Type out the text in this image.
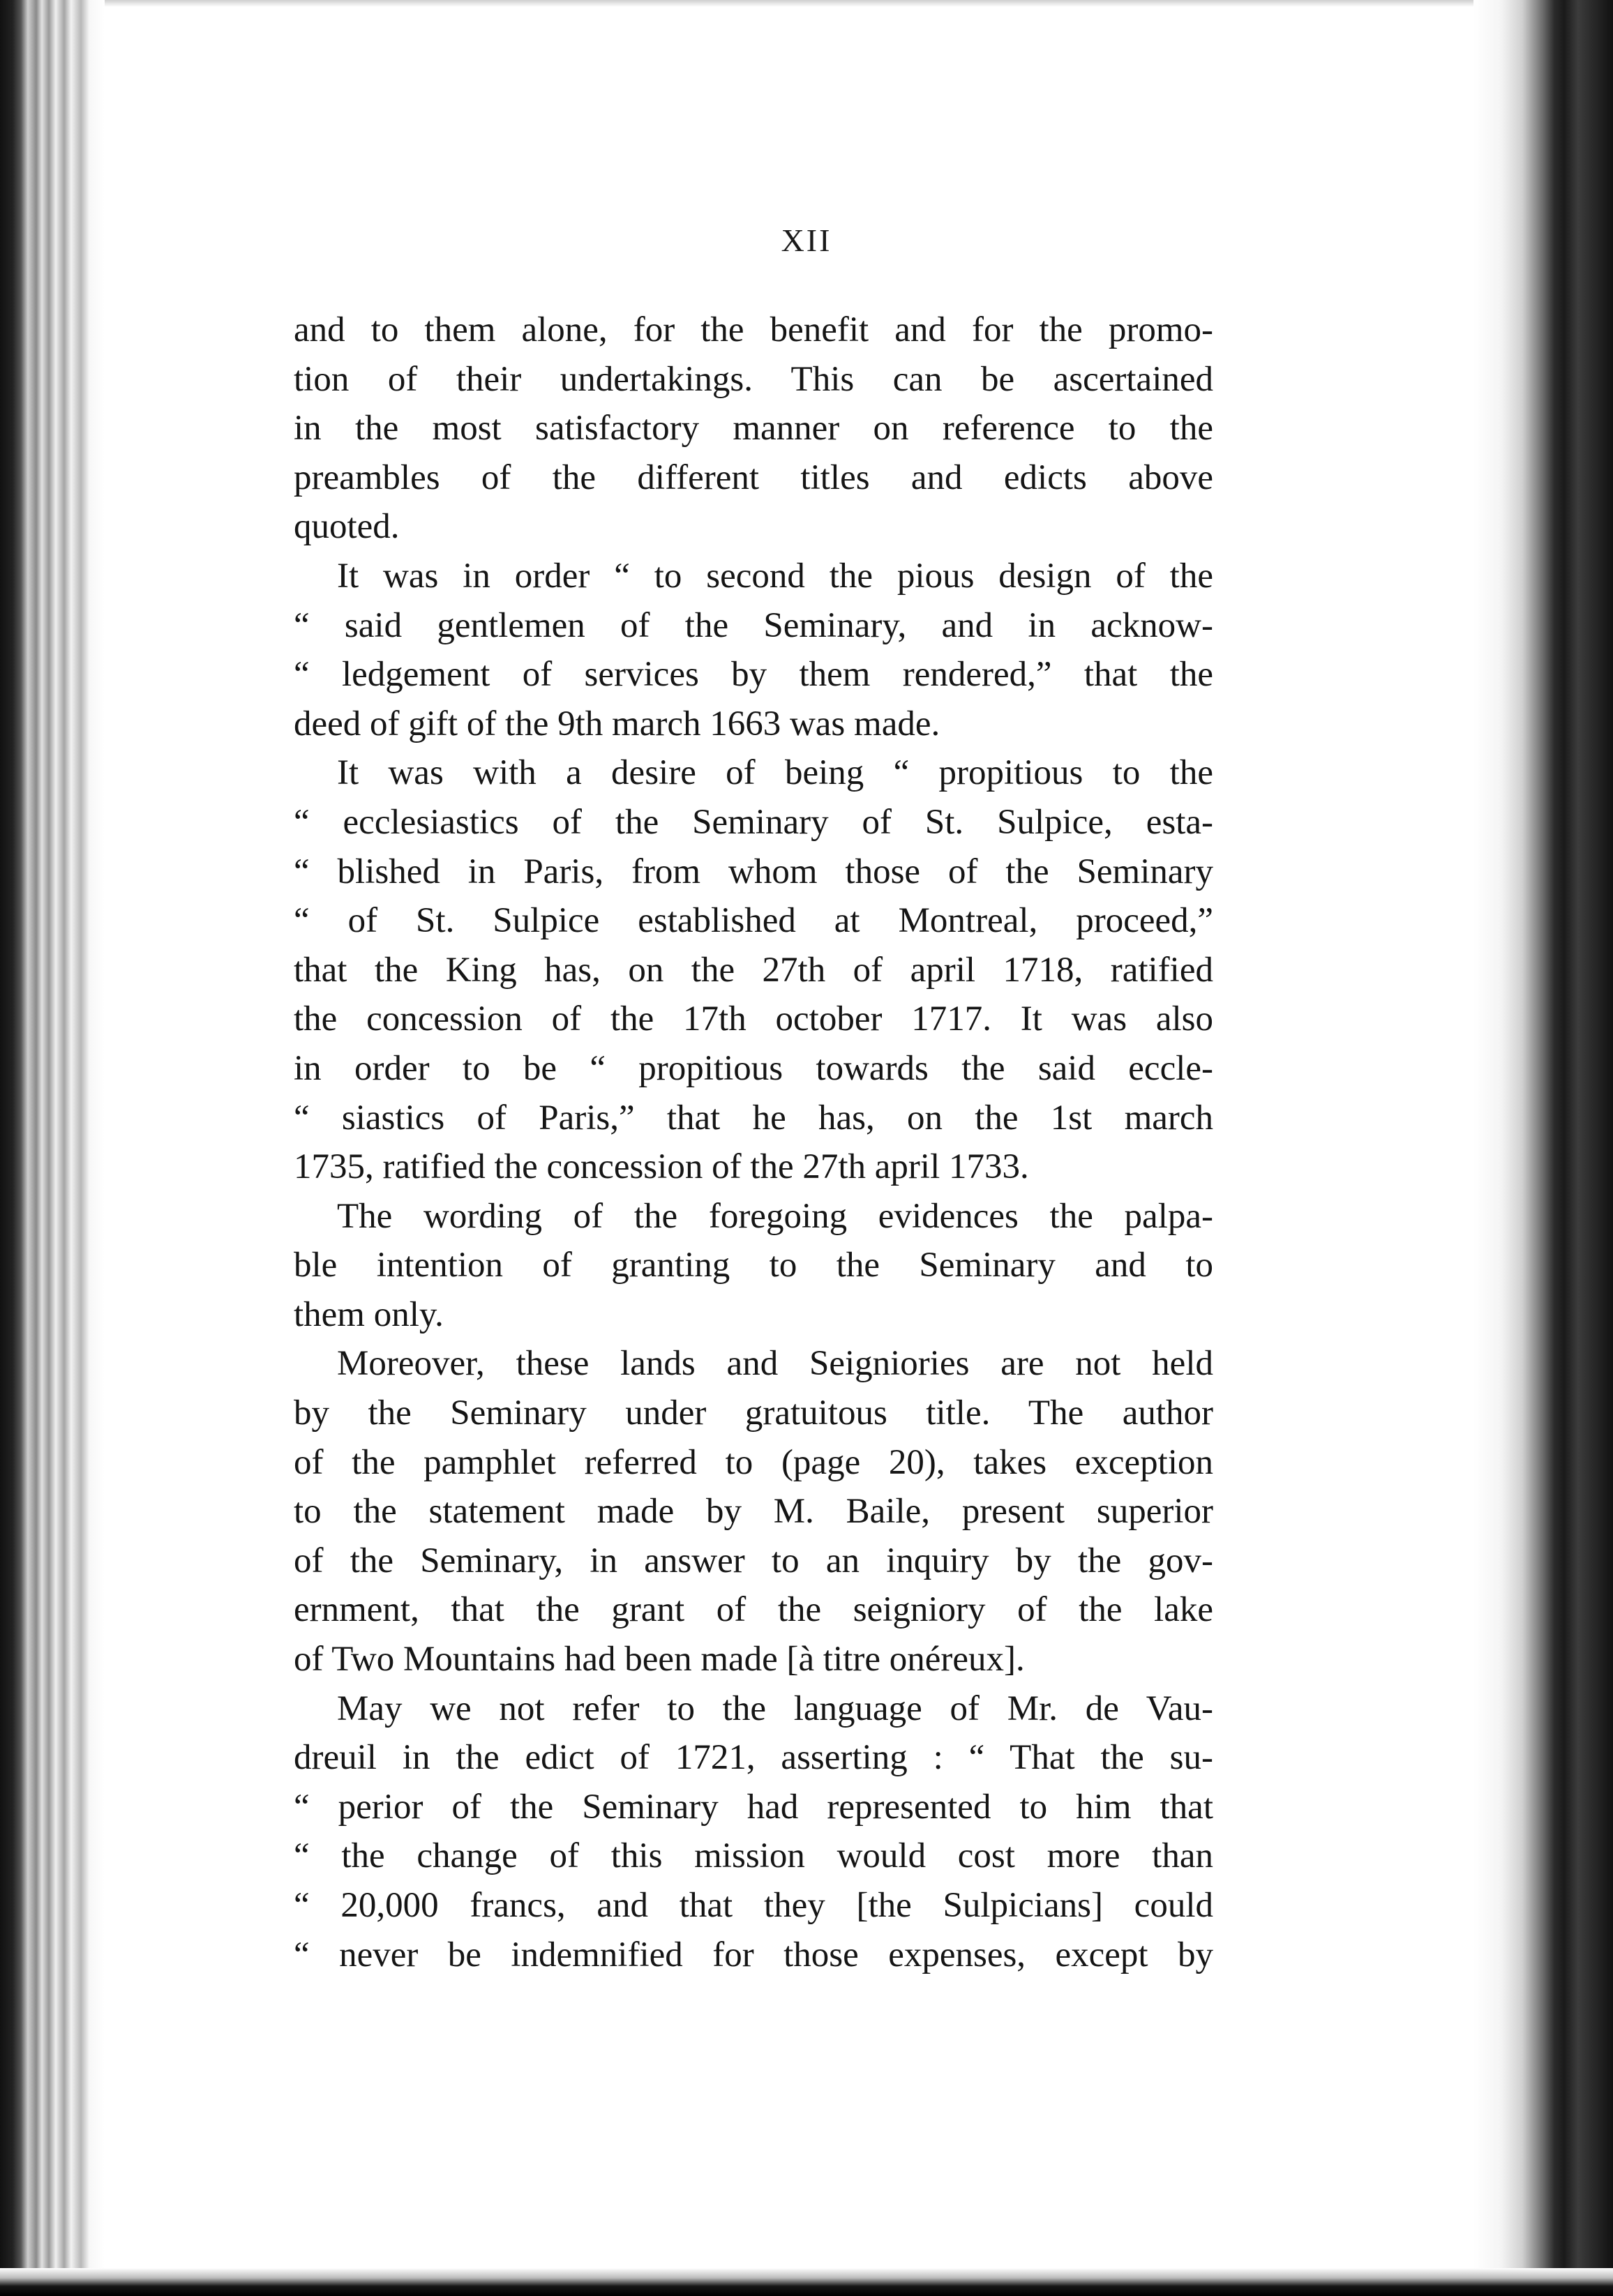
XII
and to them alone, for the benefit and for the promo-
tion of their undertakings. This can be ascertained
in the most satisfactory manner on reference to the
preambles of the different titles and edicts above
quoted.
It was in order “ to second the pious design of the
“ said gentlemen of the Seminary, and in acknow-
“ ledgement of services by them rendered,” that the
deed of gift of the 9th march 1663 was made.
It was with a desire of being “ propitious to the
“ ecclesiastics of the Seminary of St. Sulpice, esta-
“ blished in Paris, from whom those of the Seminary
“ of St. Sulpice established at Montreal, proceed,”
that the King has, on the 27th of april 1718, ratified
the concession of the 17th october 1717. It was also
in order to be “ propitious towards the said eccle-
“ siastics of Paris,” that he has, on the 1st march
1735, ratified the concession of the 27th april 1733.
The wording of the foregoing evidences the palpa-
ble intention of granting to the Seminary and to
them only.
Moreover, these lands and Seigniories are not held
by the Seminary under gratuitous title. The author
of the pamphlet referred to (page 20), takes exception
to the statement made by M. Baile, present superior
of the Seminary, in answer to an inquiry by the gov-
ernment, that the grant of the seigniory of the lake
of Two Mountains had been made [à titre onéreux].
May we not refer to the language of Mr. de Vau-
dreuil in the edict of 1721, asserting : “ That the su-
“ perior of the Seminary had represented to him that
“ the change of this mission would cost more than
“ 20,000 francs, and that they [the Sulpicians] could
“ never be indemnified for those expenses, except by
